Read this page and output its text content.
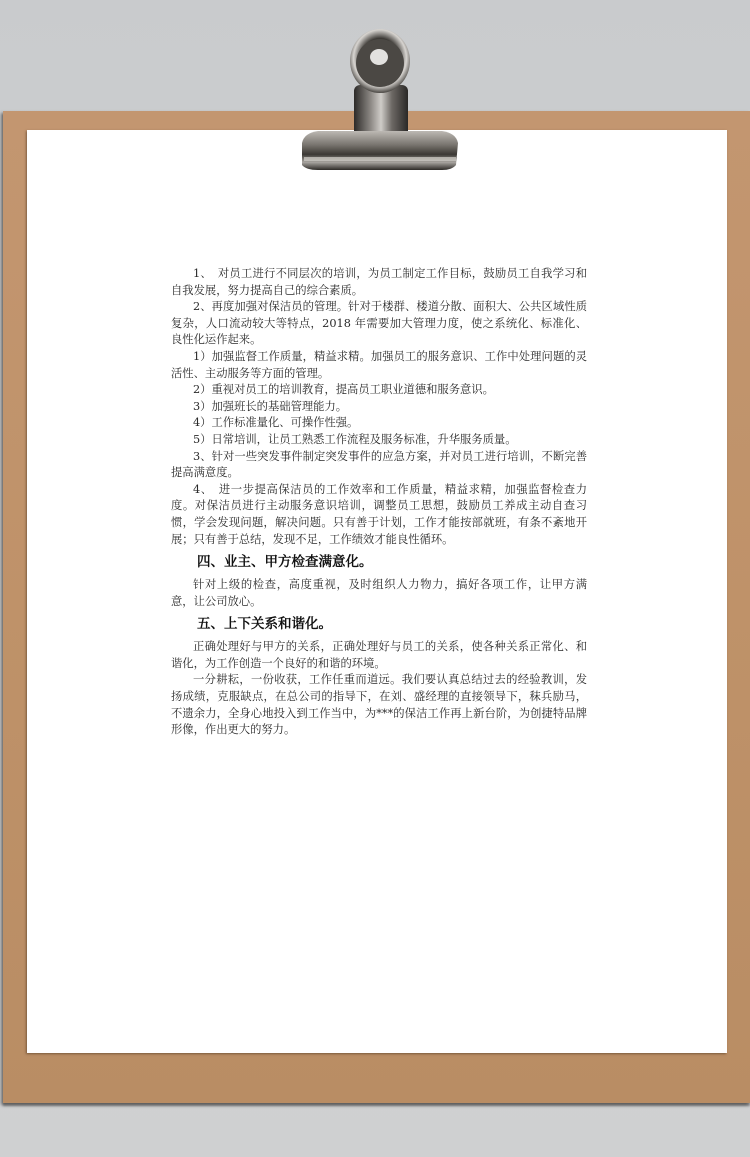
1、　对员工进行不同层次的培训，为员工制定工作目标，鼓励员工自我学习和自我发展，努力提高自己的综合素质。

2、再度加强对保洁员的管理。针对于楼群、楼道分散、面积大、公共区域性质复杂，人口流动较大等特点，2018 年需要加大管理力度，使之系统化、标准化、良性化运作起来。

1）加强监督工作质量，精益求精。加强员工的服务意识、工作中处理问题的灵活性、主动服务等方面的管理。

2）重视对员工的培训教育，提高员工职业道德和服务意识。

3）加强班长的基础管理能力。

4）工作标准量化、可操作性强。

5）日常培训，让员工熟悉工作流程及服务标准，升华服务质量。

3、针对一些突发事件制定突发事件的应急方案，并对员工进行培训，不断完善提高满意度。

4、　进一步提高保洁员的工作效率和工作质量，精益求精，加强监督检查力度。对保洁员进行主动服务意识培训，调整员工思想，鼓励员工养成主动自查习惯，学会发现问题，解决问题。只有善于计划，工作才能按部就班，有条不紊地开展；只有善于总结，发现不足，工作绩效才能良性循环。

四、业主、甲方检查满意化。

针对上级的检查，高度重视，及时组织人力物力，搞好各项工作，让甲方满意，让公司放心。

五、上下关系和谐化。

正确处理好与甲方的关系，正确处理好与员工的关系，使各种关系正常化、和谐化，为工作创造一个良好的和谐的环境。

一分耕耘，一份收获，工作任重而道远。我们要认真总结过去的经验教训，发扬成绩，克服缺点，在总公司的指导下，在刘、盛经理的直接领导下，秣兵励马，不遗余力，全身心地投入到工作当中，为***的保洁工作再上新台阶，为创捷特品牌形像，作出更大的努力。
